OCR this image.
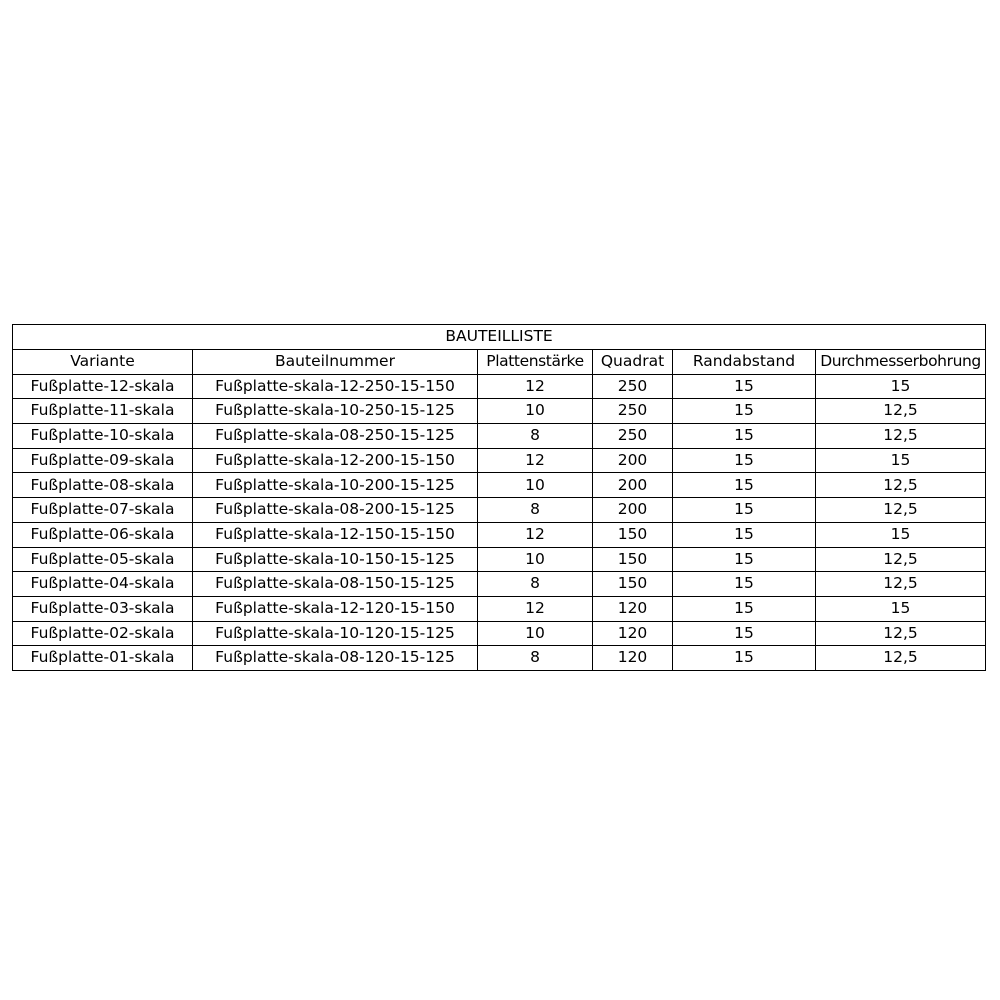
BAUTEILLISTE					
Variante	Bauteilnummer	Plattenstärke	Quadrat	Randabstand	Durchmesserbohrung
Fußplatte-12-skala	Fußplatte-skala-12-250-15-150	12	250	15	15
Fußplatte-11-skala	Fußplatte-skala-10-250-15-125	10	250	15	12,5
Fußplatte-10-skala	Fußplatte-skala-08-250-15-125	8	250	15	12,5
Fußplatte-09-skala	Fußplatte-skala-12-200-15-150	12	200	15	15
Fußplatte-08-skala	Fußplatte-skala-10-200-15-125	10	200	15	12,5
Fußplatte-07-skala	Fußplatte-skala-08-200-15-125	8	200	15	12,5
Fußplatte-06-skala	Fußplatte-skala-12-150-15-150	12	150	15	15
Fußplatte-05-skala	Fußplatte-skala-10-150-15-125	10	150	15	12,5
Fußplatte-04-skala	Fußplatte-skala-08-150-15-125	8	150	15	12,5
Fußplatte-03-skala	Fußplatte-skala-12-120-15-150	12	120	15	15
Fußplatte-02-skala	Fußplatte-skala-10-120-15-125	10	120	15	12,5
Fußplatte-01-skala	Fußplatte-skala-08-120-15-125	8	120	15	12,5
